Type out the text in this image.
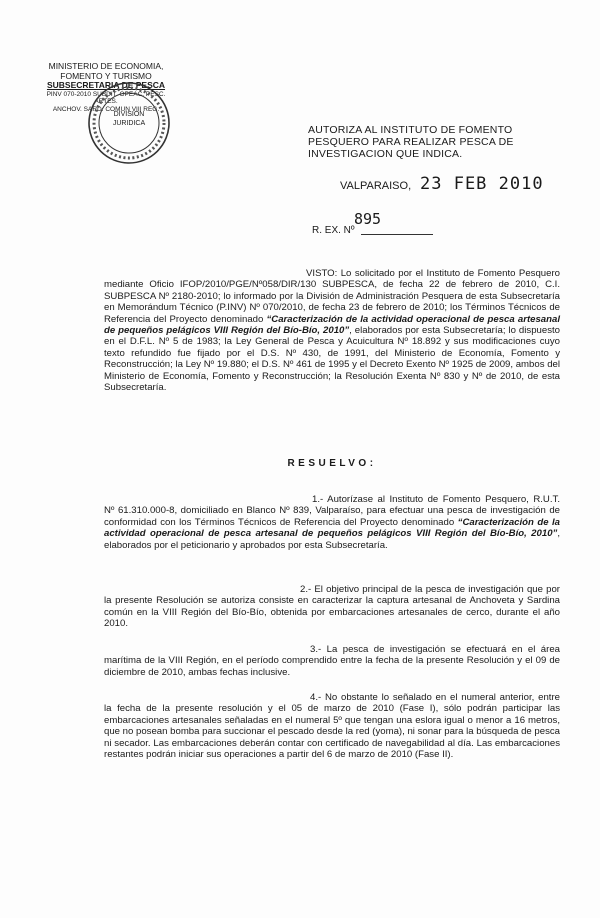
MINISTERIO DE ECONOMIA,
FOMENTO Y TURISMO
SUBSECRETARIA DE PESCA
PINV 070-2010 SUBDIT. OPEAC. PESC. ARTES.
ANCHOV. SARD. COMUN VIII REG.
DIVISION
JURIDICA
AUTORIZA AL INSTITUTO DE FOMENTO PESQUERO PARA REALIZAR PESCA DE INVESTIGACION QUE INDICA.
VALPARAISO, 23 FEB 2010
895
R. EX. Nº
VISTO: Lo solicitado por el Instituto de Fomento Pesquero mediante Oficio IFOP/2010/PGE/Nº058/DIR/130 SUBPESCA, de fecha 22 de febrero de 2010, C.I. SUBPESCA Nº 2180-2010; lo informado por la División de Administración Pesquera de esta Subsecretaría en Memorándum Técnico (P.INV) Nº 070/2010, de fecha 23 de febrero de 2010; los Términos Técnicos de Referencia del Proyecto denominado “Caracterización de la actividad operacional de pesca artesanal de pequeños pelágicos VIII Región del Bío-Bío, 2010”, elaborados por esta Subsecretaría; lo dispuesto en el D.F.L. Nº 5 de 1983; la Ley General de Pesca y Acuicultura Nº 18.892 y sus modificaciones cuyo texto refundido fue fijado por el D.S. Nº 430, de 1991, del Ministerio de Economía, Fomento y Reconstrucción; la Ley Nº 19.880; el D.S. Nº 461 de 1995 y el Decreto Exento Nº 1925 de 2009, ambos del Ministerio de Economía, Fomento y Reconstrucción; la Resolución Exenta Nº 830 y Nº de 2010, de esta Subsecretaría.
RESUELVO:
1.- Autorízase al Instituto de Fomento Pesquero, R.U.T. Nº 61.310.000-8, domiciliado en Blanco Nº 839, Valparaíso, para efectuar una pesca de investigación de conformidad con los Términos Técnicos de Referencia del Proyecto denominado “Caracterización de la actividad operacional de pesca artesanal de pequeños pelágicos VIII Región del Bío-Bío, 2010”, elaborados por el peticionario y aprobados por esta Subsecretaría.
2.- El objetivo principal de la pesca de investigación que por la presente Resolución se autoriza consiste en caracterizar la captura artesanal de Anchoveta y Sardina común en la VIII Región del Bío-Bío, obtenida por embarcaciones artesanales de cerco, durante el año 2010.
3.- La pesca de investigación se efectuará en el área marítima de la VIII Región, en el período comprendido entre la fecha de la presente Resolución y el 09 de diciembre de 2010, ambas fechas inclusive.
4.- No obstante lo señalado en el numeral anterior, entre la fecha de la presente resolución y el 05 de marzo de 2010 (Fase I), sólo podrán participar las embarcaciones artesanales señaladas en el numeral 5º que tengan una eslora igual o menor a 16 metros, que no posean bomba para succionar el pescado desde la red (yoma), ni sonar para la búsqueda de pesca ni secador. Las embarcaciones deberán contar con certificado de navegabilidad al día. Las embarcaciones restantes podrán iniciar sus operaciones a partir del 6 de marzo de 2010 (Fase II).
